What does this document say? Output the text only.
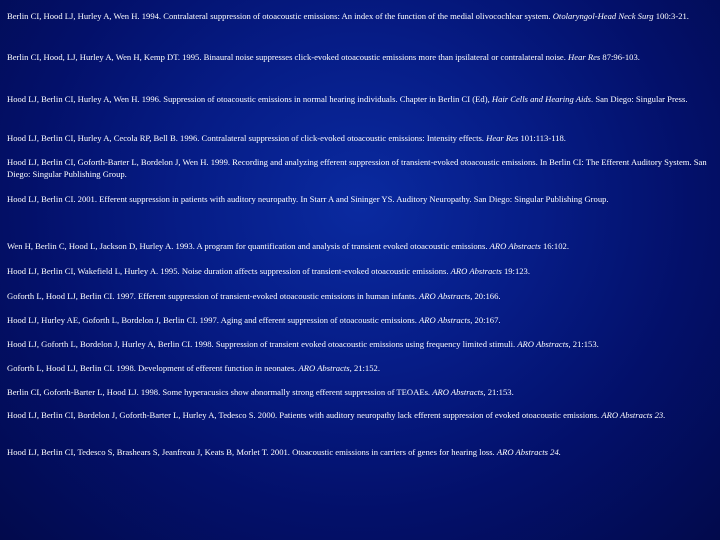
Berlin CI, Hood LJ, Hurley A, Wen H. 1994. Contralateral suppression of otoacoustic emissions: An index of the function of the medial olivocochlear system. Otolaryngol-Head Neck Surg 100:3-21.
Berlin CI, Hood, LJ, Hurley A, Wen H, Kemp DT. 1995. Binaural noise suppresses click-evoked otoacoustic emissions more than ipsilateral or contralateral noise. Hear Res 87:96-103.
Hood LJ, Berlin CI, Hurley A, Wen H. 1996. Suppression of otoacoustic emissions in normal hearing individuals. Chapter in Berlin CI (Ed), Hair Cells and Hearing Aids. San Diego: Singular Press.
Hood LJ, Berlin CI, Hurley A, Cecola RP, Bell B. 1996. Contralateral suppression of click-evoked otoacoustic emissions: Intensity effects. Hear Res 101:113-118.
Hood LJ, Berlin CI, Goforth-Barter L, Bordelon J, Wen H. 1999. Recording and analyzing efferent suppression of transient-evoked otoacoustic emissions. In Berlin CI: The Efferent Auditory System. San Diego: Singular Publishing Group.
Hood LJ, Berlin CI. 2001. Efferent suppression in patients with auditory neuropathy. In Starr A and Sininger YS. Auditory Neuropathy. San Diego: Singular Publishing Group.
Wen H, Berlin C, Hood L, Jackson D, Hurley A. 1993. A program for quantification and analysis of transient evoked otoacoustic emissions. ARO Abstracts 16:102.
Hood LJ, Berlin CI, Wakefield L, Hurley A. 1995. Noise duration affects suppression of transient-evoked otoacoustic emissions. ARO Abstracts 19:123.
Goforth L, Hood LJ, Berlin CI. 1997. Efferent suppression of transient-evoked otoacoustic emissions in human infants. ARO Abstracts, 20:166.
Hood LJ, Hurley AE, Goforth L, Bordelon J, Berlin CI. 1997. Aging and efferent suppression of otoacoustic emissions. ARO Abstracts, 20:167.
Hood LJ, Goforth L, Bordelon J, Hurley A, Berlin CI. 1998. Suppression of transient evoked otoacoustic emissions using frequency limited stimuli. ARO Abstracts, 21:153.
Goforth L, Hood LJ, Berlin CI. 1998. Development of efferent function in neonates. ARO Abstracts, 21:152.
Berlin CI, Goforth-Barter L, Hood LJ. 1998. Some hyperacusics show abnormally strong efferent suppression of TEOAEs. ARO Abstracts, 21:153.
Hood LJ, Berlin CI, Bordelon J, Goforth-Barter L, Hurley A, Tedesco S. 2000. Patients with auditory neuropathy lack efferent suppression of evoked otoacoustic emissions. ARO Abstracts 23.
Hood LJ, Berlin CI, Tedesco S, Brashears S, Jeanfreau J, Keats B, Morlet T. 2001. Otoacoustic emissions in carriers of genes for hearing loss. ARO Abstracts 24.
